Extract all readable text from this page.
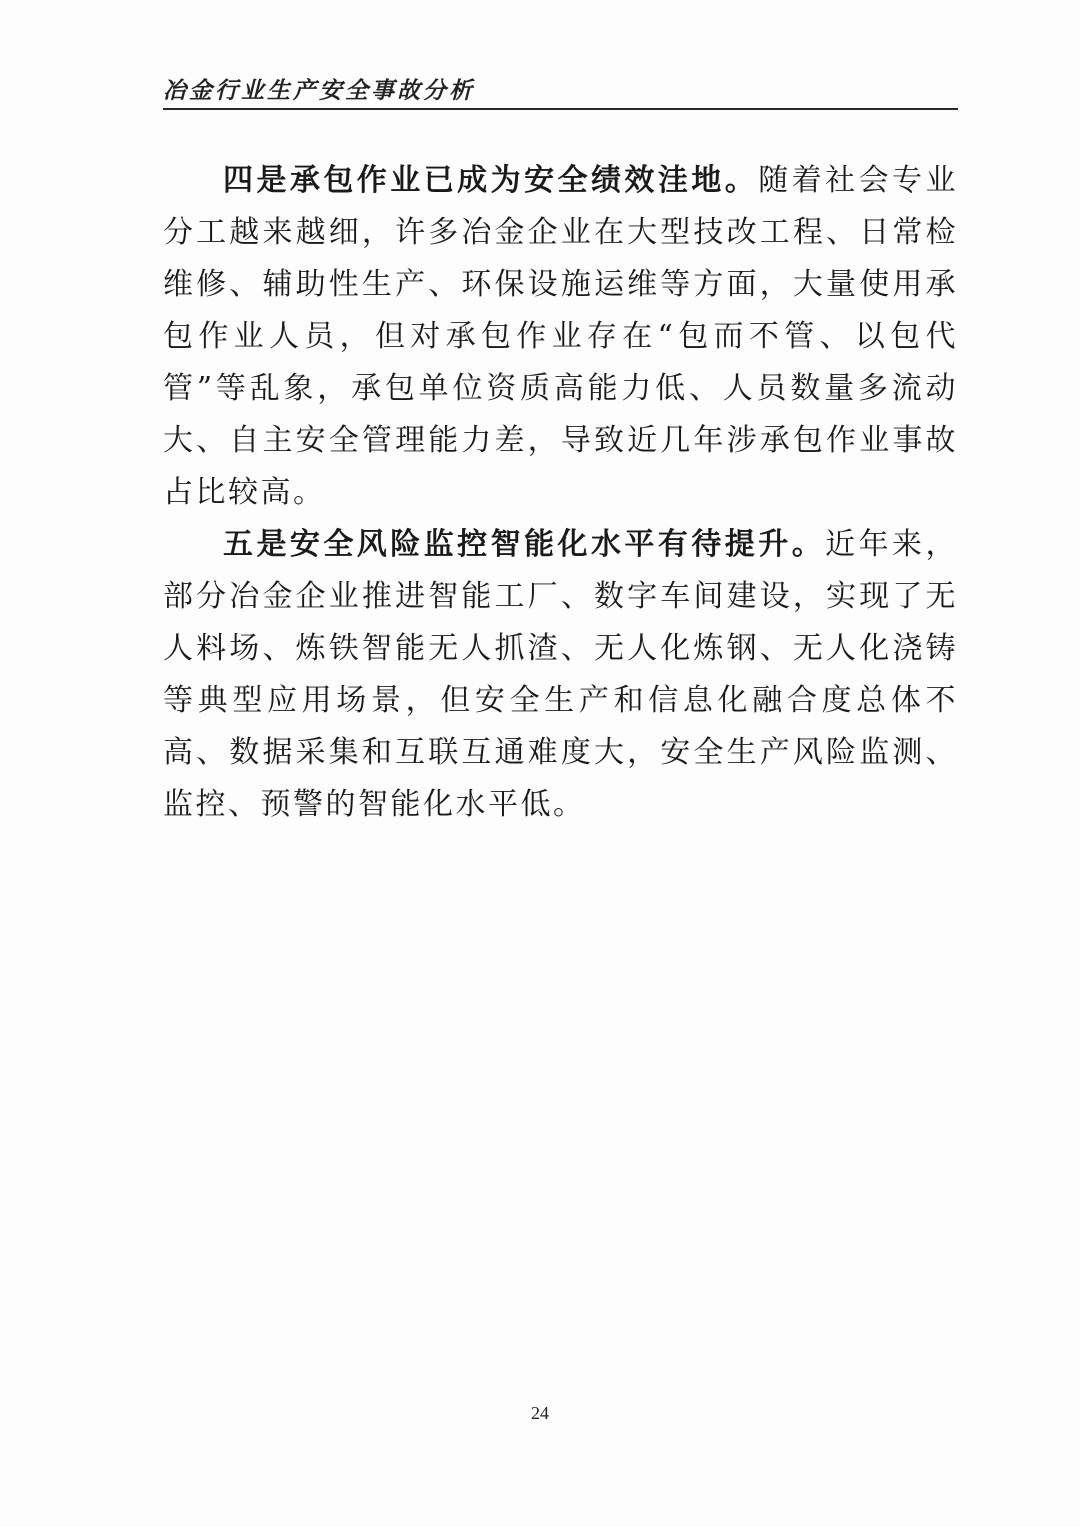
冶金行业生产安全事故分析

四是承包作业已成为安全绩效洼地。随着社会专业分工越来越细，许多冶金企业在大型技改工程、日常检维修、辅助性生产、环保设施运维等方面，大量使用承包作业人员，但对承包作业存在“包而不管、以包代管”等乱象，承包单位资质高能力低、人员数量多流动大、自主安全管理能力差，导致近几年涉承包作业事故占比较高。

五是安全风险监控智能化水平有待提升。近年来，部分冶金企业推进智能工厂、数字车间建设，实现了无人料场、炼铁智能无人抓渣、无人化炼钢、无人化浇铸等典型应用场景，但安全生产和信息化融合度总体不高、数据采集和互联互通难度大，安全生产风险监测、监控、预警的智能化水平低。

24
